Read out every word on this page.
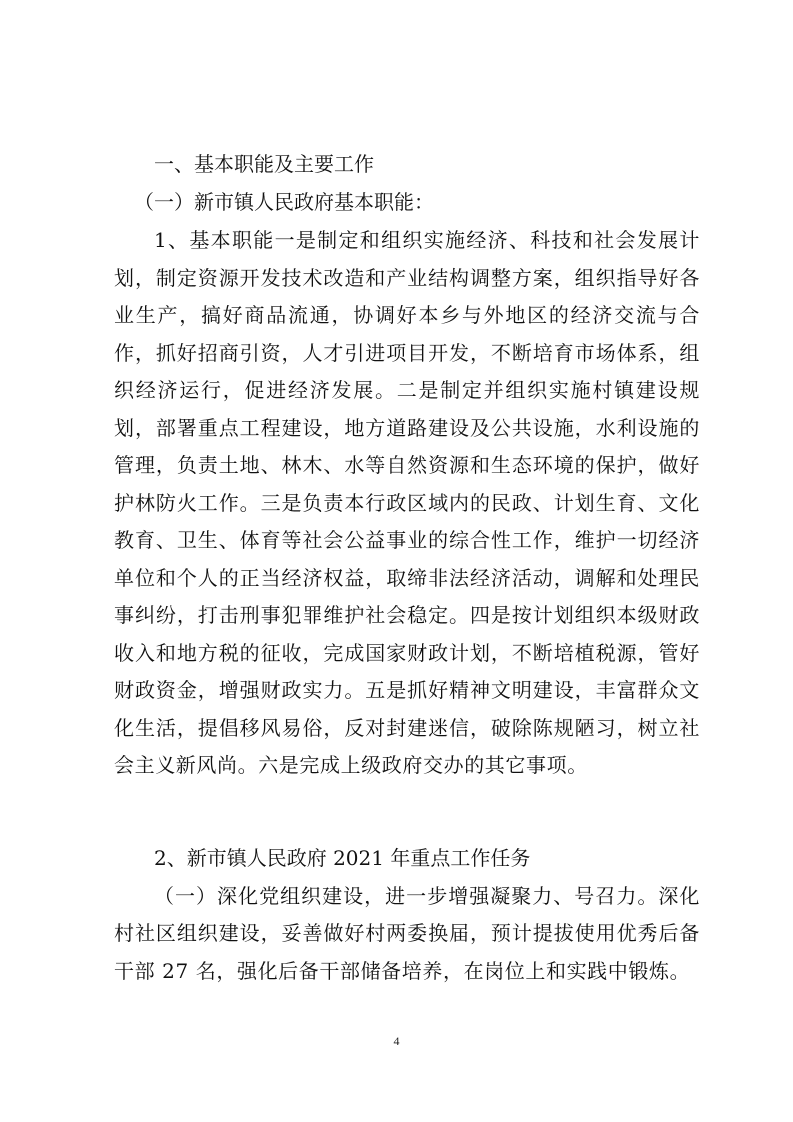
一、基本职能及主要工作

（一）新市镇人民政府基本职能：

1、基本职能一是制定和组织实施经济、科技和社会发展计划，制定资源开发技术改造和产业结构调整方案，组织指导好各业生产，搞好商品流通，协调好本乡与外地区的经济交流与合作，抓好招商引资，人才引进项目开发，不断培育市场体系，组织经济运行，促进经济发展。二是制定并组织实施村镇建设规划，部署重点工程建设，地方道路建设及公共设施，水利设施的管理，负责土地、林木、水等自然资源和生态环境的保护，做好护林防火工作。三是负责本行政区域内的民政、计划生育、文化教育、卫生、体育等社会公益事业的综合性工作，维护一切经济单位和个人的正当经济权益，取缔非法经济活动，调解和处理民事纠纷，打击刑事犯罪维护社会稳定。四是按计划组织本级财政收入和地方税的征收，完成国家财政计划，不断培植税源，管好财政资金，增强财政实力。五是抓好精神文明建设，丰富群众文化生活，提倡移风易俗，反对封建迷信，破除陈规陋习，树立社会主义新风尚。六是完成上级政府交办的其它事项。

2、新市镇人民政府 2021 年重点工作任务

（一）深化党组织建设，进一步增强凝聚力、号召力。深化村社区组织建设，妥善做好村两委换届，预计提拔使用优秀后备干部 27 名，强化后备干部储备培养，在岗位上和实践中锻炼。

4
